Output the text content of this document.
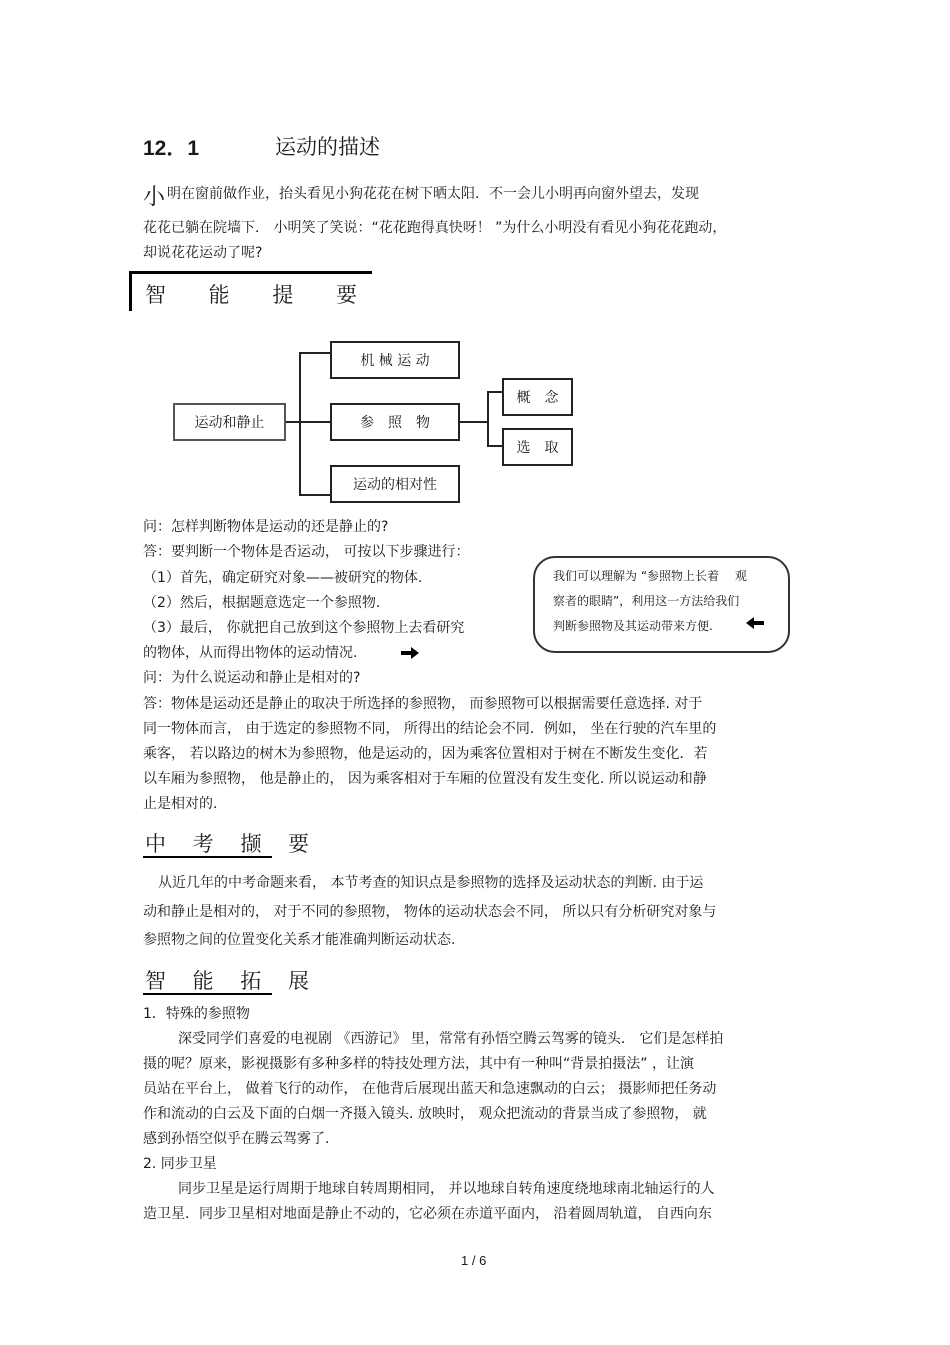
12．1	运动的描述
小 明在窗前做作业，抬头看见小狗花花在树下晒太阳．不一会儿小明再向窗外望去，发现
花花已躺在院墙下． 小明笑了笑说：“花花跑得真快呀！ ”为什么小明没有看见小狗花花跑动，
却说花花运动了呢?
智 能 提 要
运动和静止
机 械 运 动
参　照　物
运动的相对性
概　念
选　取
问：怎样判断物体是运动的还是静止的?
答：要判断一个物体是否运动， 可按以下步骤进行：
（1）首先，确定研究对象——被研究的物体.
（2）然后，根据题意选定一个参照物.
（3）最后， 你就把自己放到这个参照物上去看研究
的物体，从而得出物体的运动情况.
问：为什么说运动和静止是相对的?
答：物体是运动还是静止的取决于所选择的参照物， 而参照物可以根据需要任意选择. 对于
同一物体而言， 由于选定的参照物不同， 所得出的结论会不同．例如， 坐在行驶的汽车里的
乘客， 若以路边的树木为参照物，他是运动的，因为乘客位置相对于树在不断发生变化．若
以车厢为参照物， 他是静止的， 因为乘客相对于车厢的位置没有发生变化. 所以说运动和静
止是相对的.
我们可以理解为 “参照物上长着　 观
察者的眼睛”，利用这一方法给我们
判断参照物及其运动带来方便.
中 考 撷 要
从近几年的中考命题来看， 本节考查的知识点是参照物的选择及运动状态的判断. 由于运
动和静止是相对的， 对于不同的参照物， 物体的运动状态会不同， 所以只有分析研究对象与
参照物之间的位置变化关系才能准确判断运动状态.
智 能 拓 展
1．特殊的参照物
深受同学们喜爱的电视剧 《西游记》 里，常常有孙悟空腾云驾雾的镜头． 它们是怎样拍
摄的呢？原来，影视摄影有多种多样的特技处理方法，其中有一种叫“背景拍摄法” ，让演
员站在平台上， 做着飞行的动作， 在他背后展现出蓝天和急速飘动的白云； 摄影师把任务动
作和流动的白云及下面的白烟一齐摄入镜头. 放映时， 观众把流动的背景当成了参照物， 就
感到孙悟空似乎在腾云驾雾了.
2. 同步卫星
同步卫星是运行周期于地球自转周期相同， 并以地球自转角速度绕地球南北轴运行的人
造卫星．同步卫星相对地面是静止不动的，它必须在赤道平面内， 沿着圆周轨道， 自西向东
1 / 6
